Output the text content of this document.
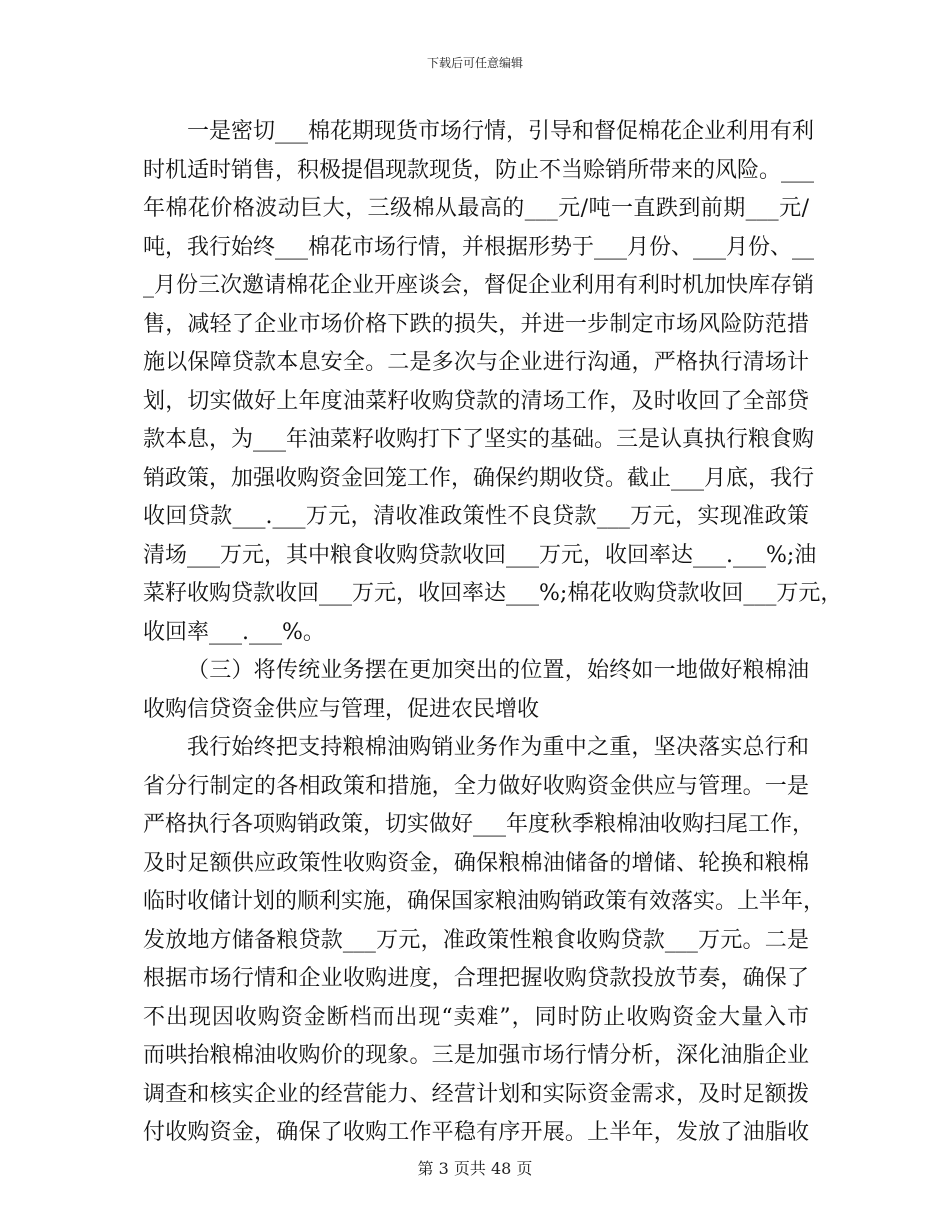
下载后可任意编辑
一是密切___棉花期现货市场行情，引导和督促棉花企业利用有利
时机适时销售，积极提倡现款现货，防止不当赊销所带来的风险。___
年棉花价格波动巨大，三级棉从最高的___元/吨一直跌到前期___元/
吨，我行始终___棉花市场行情，并根据形势于___月份、___月份、__
_月份三次邀请棉花企业开座谈会，督促企业利用有利时机加快库存销
售，减轻了企业市场价格下跌的损失，并进一步制定市场风险防范措
施以保障贷款本息安全。二是多次与企业进行沟通，严格执行清场计
划，切实做好上年度油菜籽收购贷款的清场工作，及时收回了全部贷
款本息，为___年油菜籽收购打下了坚实的基础。三是认真执行粮食购
销政策，加强收购资金回笼工作，确保约期收贷。截止___月底，我行
收回贷款___.___万元，清收准政策性不良贷款___万元，实现准政策
清场___万元，其中粮食收购贷款收回___万元，收回率达___.___%;油
菜籽收购贷款收回___万元，收回率达___%;棉花收购贷款收回___万元，
收回率___.___%。
（三）将传统业务摆在更加突出的位置，始终如一地做好粮棉油
收购信贷资金供应与管理，促进农民增收
我行始终把支持粮棉油购销业务作为重中之重，坚决落实总行和
省分行制定的各相政策和措施，全力做好收购资金供应与管理。一是
严格执行各项购销政策，切实做好___年度秋季粮棉油收购扫尾工作，
及时足额供应政策性收购资金，确保粮棉油储备的增储、轮换和粮棉
临时收储计划的顺利实施，确保国家粮油购销政策有效落实。上半年，
发放地方储备粮贷款___万元，准政策性粮食收购贷款___万元。二是
根据市场行情和企业收购进度，合理把握收购贷款投放节奏，确保了
不出现因收购资金断档而出现“卖难”，同时防止收购资金大量入市
而哄抬粮棉油收购价的现象。三是加强市场行情分析，深化油脂企业
调查和核实企业的经营能力、经营计划和实际资金需求，及时足额拨
付收购资金，确保了收购工作平稳有序开展。上半年，发放了油脂收
第 3 页共 48 页
